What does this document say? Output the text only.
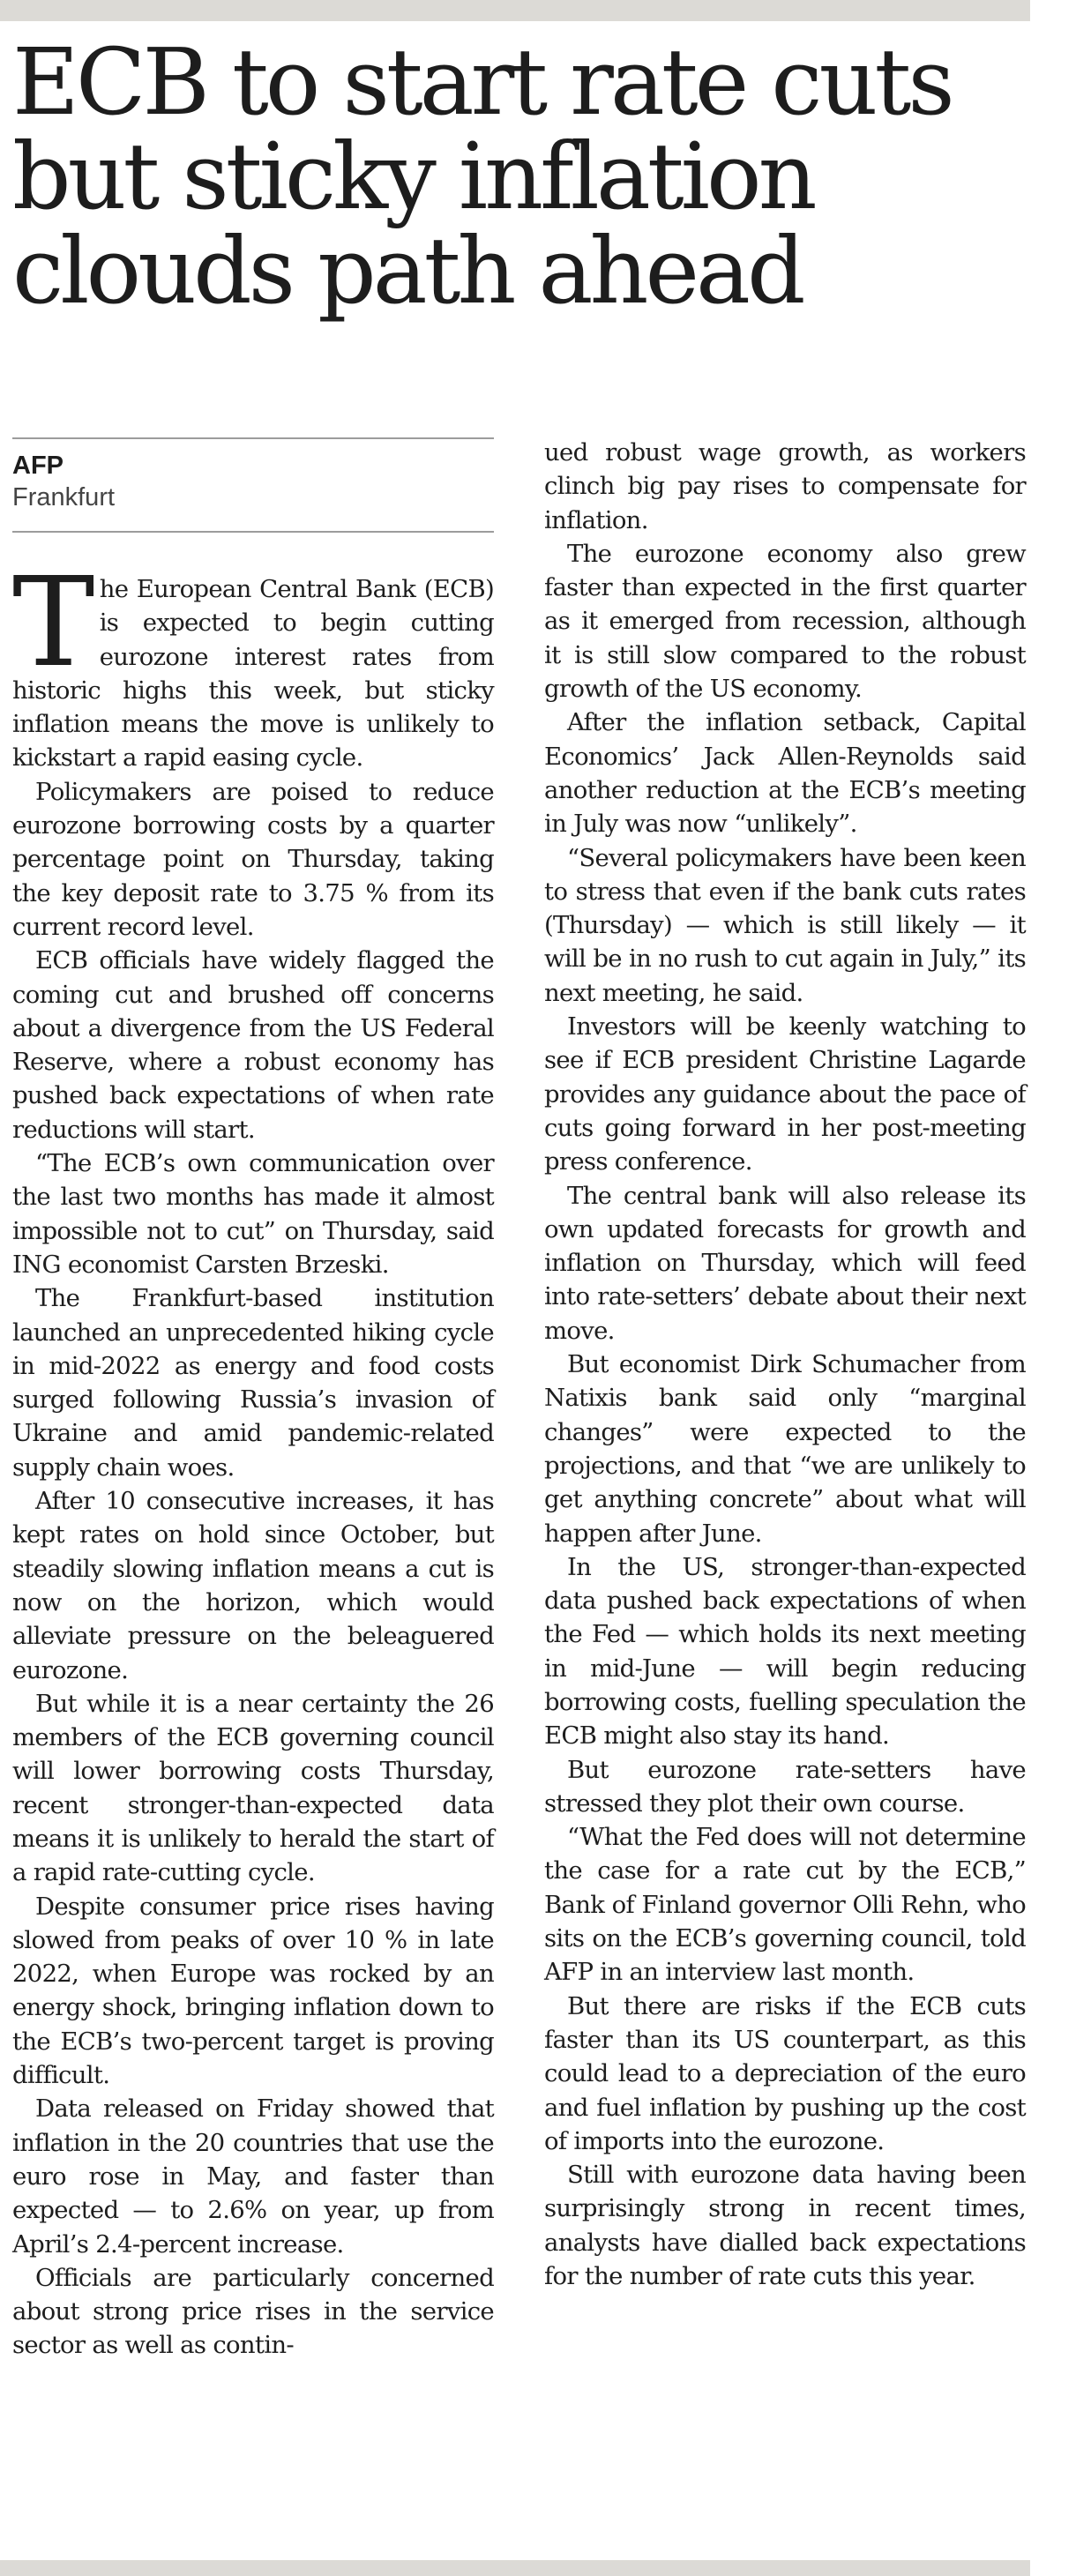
ECB to start rate cuts but sticky inflation clouds path ahead
AFP
Frankfurt

The European Central Bank (ECB) is expected to begin cutting eurozone interest rates from historic highs this week, but sticky inflation means the move is unlikely to kickstart a rapid easing cycle.

Policymakers are poised to reduce eurozone borrowing costs by a quarter percentage point on Thursday, taking the key deposit rate to 3.75 % from its current record level.

ECB officials have widely flagged the coming cut and brushed off concerns about a divergence from the US Federal Reserve, where a robust economy has pushed back expectations of when rate reductions will start.

“The ECB’s own communication over the last two months has made it almost impossible not to cut” on Thursday, said ING economist Carsten Brzeski.

The Frankfurt-based institution launched an unprecedented hiking cycle in mid-2022 as energy and food costs surged following Russia’s invasion of Ukraine and amid pandemic-related supply chain woes.

After 10 consecutive increases, it has kept rates on hold since October, but steadily slowing inflation means a cut is now on the horizon, which would alleviate pressure on the beleaguered eurozone.

But while it is a near certainty the 26 members of the ECB governing council will lower borrowing costs Thursday, recent stronger-than-expected data means it is unlikely to herald the start of a rapid rate-cutting cycle.

Despite consumer price rises having slowed from peaks of over 10 % in late 2022, when Europe was rocked by an energy shock, bringing inflation down to the ECB’s two-percent target is proving difficult.

Data released on Friday showed that inflation in the 20 countries that use the euro rose in May, and faster than expected — to 2.6% on year, up from April’s 2.4-percent increase.

Officials are particularly concerned about strong price rises in the service sector as well as contin-

ued robust wage growth, as workers clinch big pay rises to compensate for inflation.

The eurozone economy also grew faster than expected in the first quarter as it emerged from recession, although it is still slow compared to the robust growth of the US economy.

After the inflation setback, Capital Economics’ Jack Allen-Reynolds said another reduction at the ECB’s meeting in July was now “unlikely”.

“Several policymakers have been keen to stress that even if the bank cuts rates (Thursday) — which is still likely — it will be in no rush to cut again in July,” its next meeting, he said.

Investors will be keenly watching to see if ECB president Christine Lagarde provides any guidance about the pace of cuts going forward in her post-meeting press conference.

The central bank will also release its own updated forecasts for growth and inflation on Thursday, which will feed into rate-setters’ debate about their next move.

But economist Dirk Schumacher from Natixis bank said only “marginal changes” were expected to the projections, and that “we are unlikely to get anything concrete” about what will happen after June.

In the US, stronger-than-expected data pushed back expectations of when the Fed — which holds its next meeting in mid-June — will begin reducing borrowing costs, fuelling speculation the ECB might also stay its hand.

But eurozone rate-setters have stressed they plot their own course.

“What the Fed does will not determine the case for a rate cut by the ECB,” Bank of Finland governor Olli Rehn, who sits on the ECB’s governing council, told AFP in an interview last month.

But there are risks if the ECB cuts faster than its US counterpart, as this could lead to a depreciation of the euro and fuel inflation by pushing up the cost of imports into the eurozone.

Still with eurozone data having been surprisingly strong in recent times, analysts have dialled back expectations for the number of rate cuts this year.
